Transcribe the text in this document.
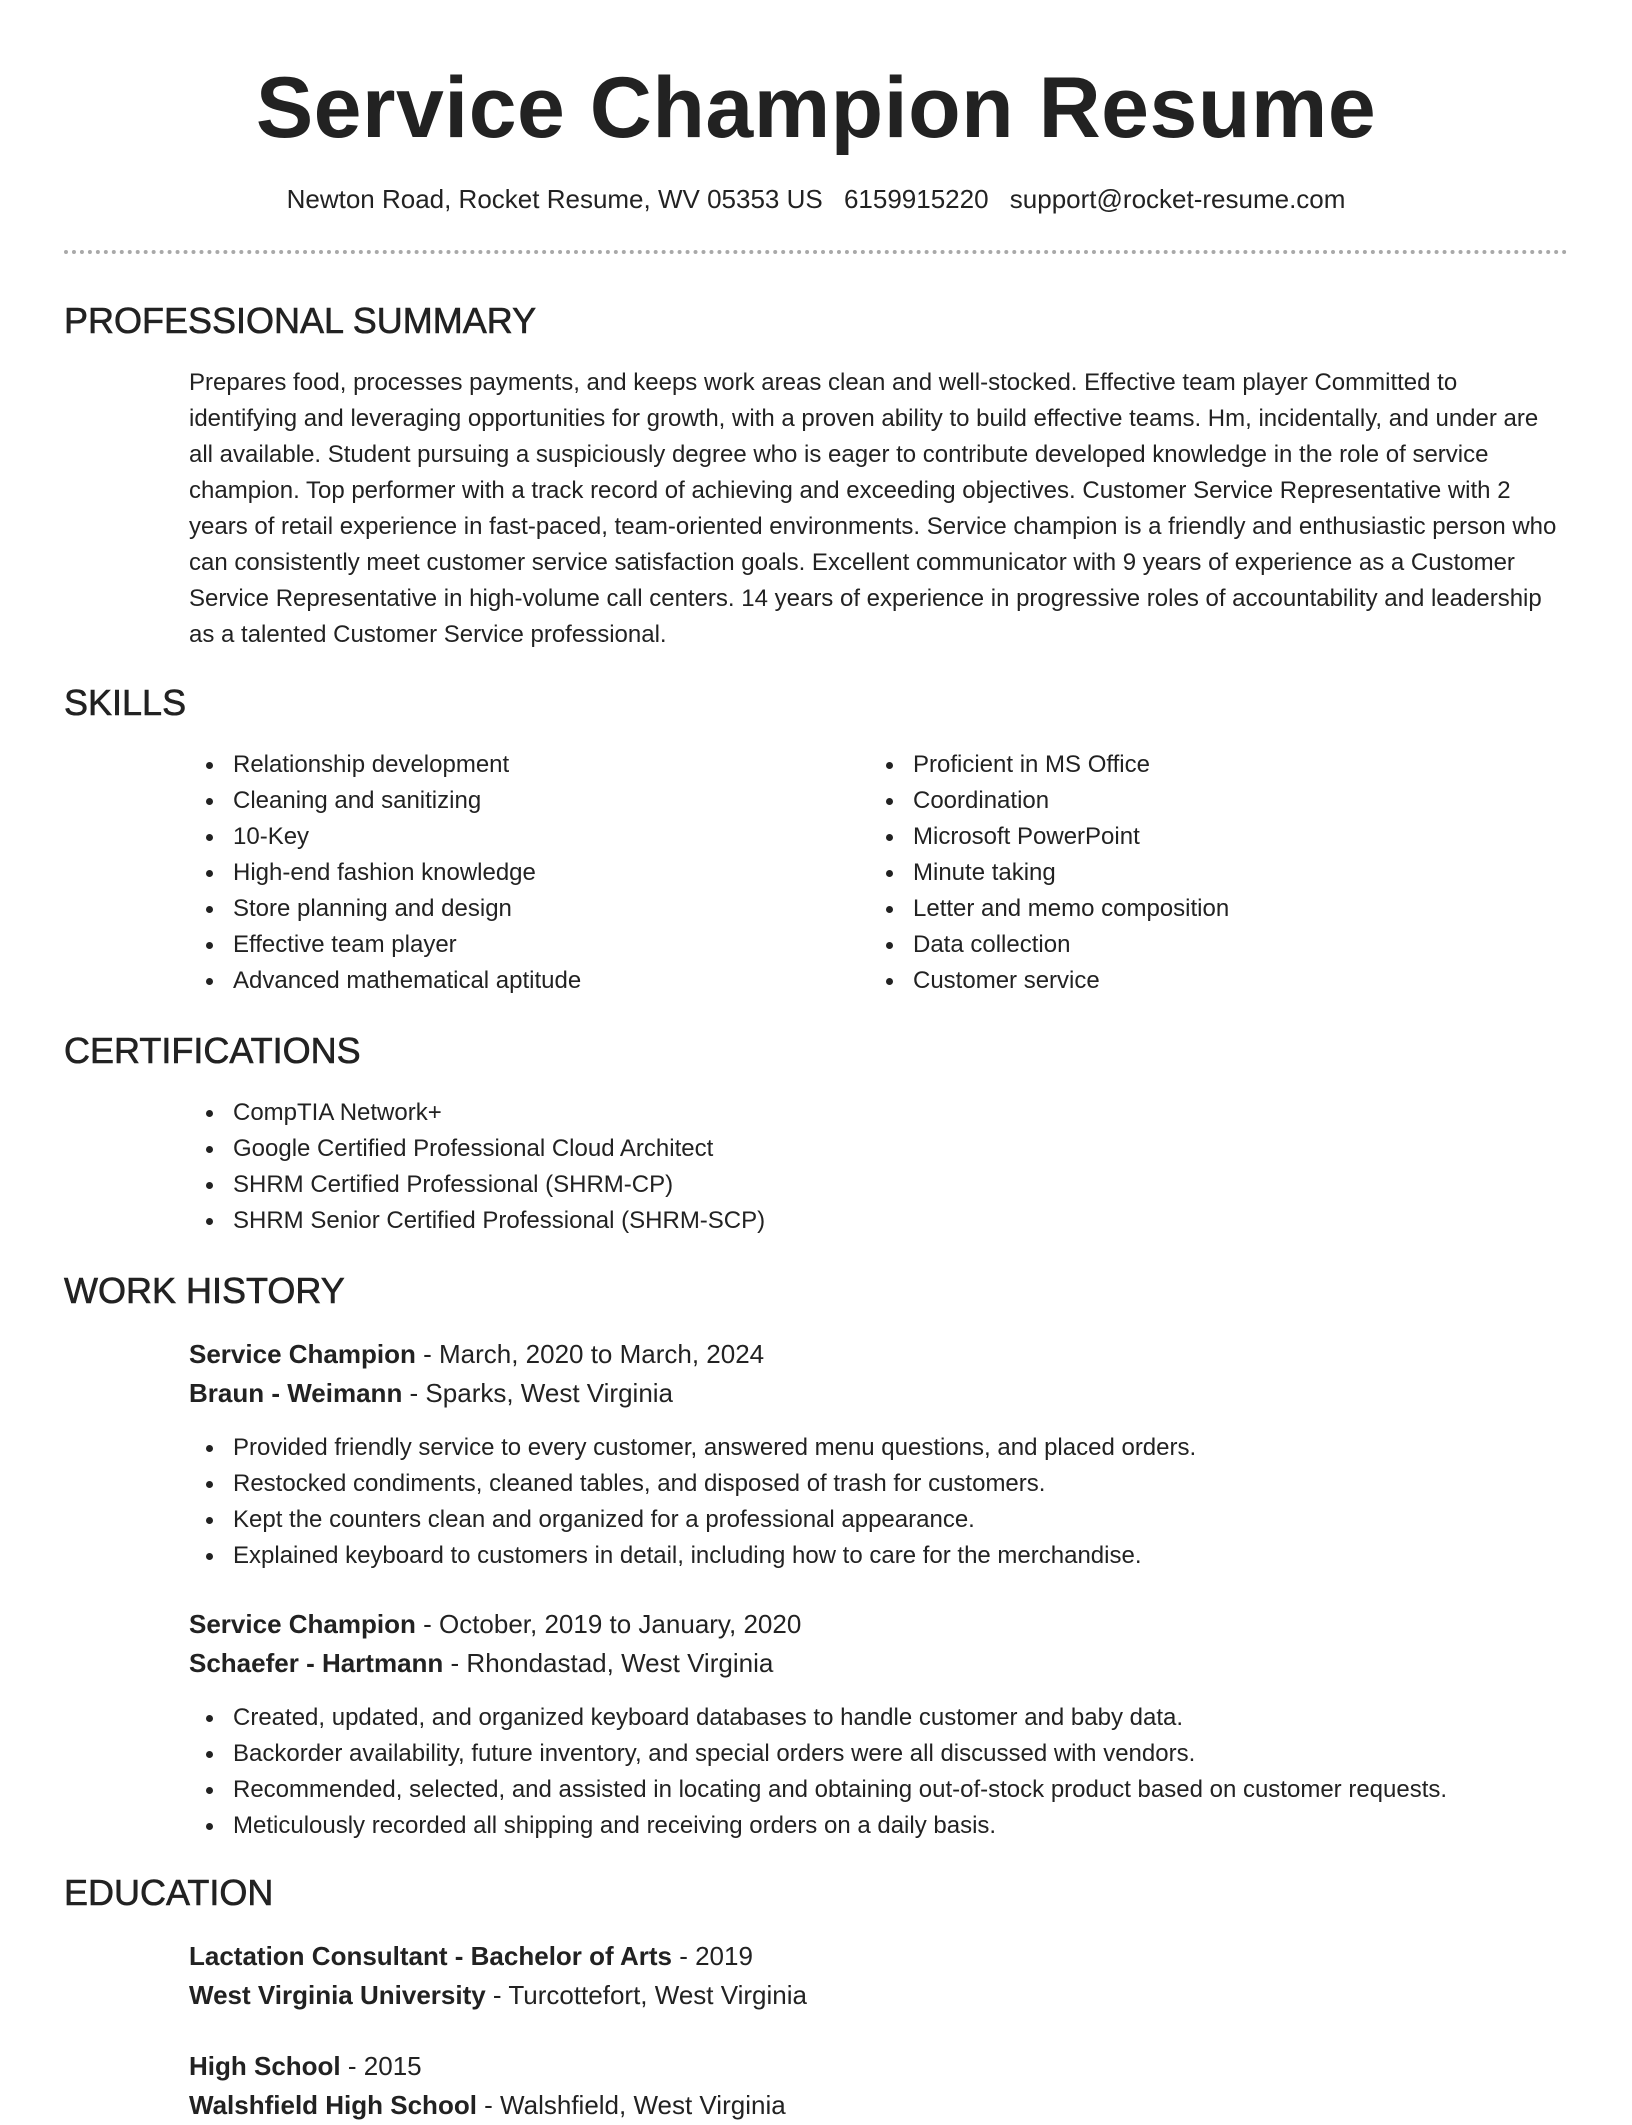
Service Champion Resume
Newton Road, Rocket Resume, WV 05353 US 6159915220 support@rocket-resume.com
PROFESSIONAL SUMMARY
Prepares food, processes payments, and keeps work areas clean and well-stocked. Effective team player Committed to identifying and leveraging opportunities for growth, with a proven ability to build effective teams. Hm, incidentally, and under are all available. Student pursuing a suspiciously degree who is eager to contribute developed knowledge in the role of service champion. Top performer with a track record of achieving and exceeding objectives. Customer Service Representative with 2 years of retail experience in fast-paced, team-oriented environments. Service champion is a friendly and enthusiastic person who can consistently meet customer service satisfaction goals. Excellent communicator with 9 years of experience as a Customer Service Representative in high-volume call centers. 14 years of experience in progressive roles of accountability and leadership as a talented Customer Service professional.
SKILLS
Relationship development
Cleaning and sanitizing
10-Key
High-end fashion knowledge
Store planning and design
Effective team player
Advanced mathematical aptitude
Proficient in MS Office
Coordination
Microsoft PowerPoint
Minute taking
Letter and memo composition
Data collection
Customer service
CERTIFICATIONS
CompTIA Network+
Google Certified Professional Cloud Architect
SHRM Certified Professional (SHRM-CP)
SHRM Senior Certified Professional (SHRM-SCP)
WORK HISTORY
Service Champion - March, 2020 to March, 2024
Braun - Weimann - Sparks, West Virginia
Provided friendly service to every customer, answered menu questions, and placed orders.
Restocked condiments, cleaned tables, and disposed of trash for customers.
Kept the counters clean and organized for a professional appearance.
Explained keyboard to customers in detail, including how to care for the merchandise.
Service Champion - October, 2019 to January, 2020
Schaefer - Hartmann - Rhondastad, West Virginia
Created, updated, and organized keyboard databases to handle customer and baby data.
Backorder availability, future inventory, and special orders were all discussed with vendors.
Recommended, selected, and assisted in locating and obtaining out-of-stock product based on customer requests.
Meticulously recorded all shipping and receiving orders on a daily basis.
EDUCATION
Lactation Consultant - Bachelor of Arts - 2019
West Virginia University - Turcottefort, West Virginia
High School - 2015
Walshfield High School - Walshfield, West Virginia
